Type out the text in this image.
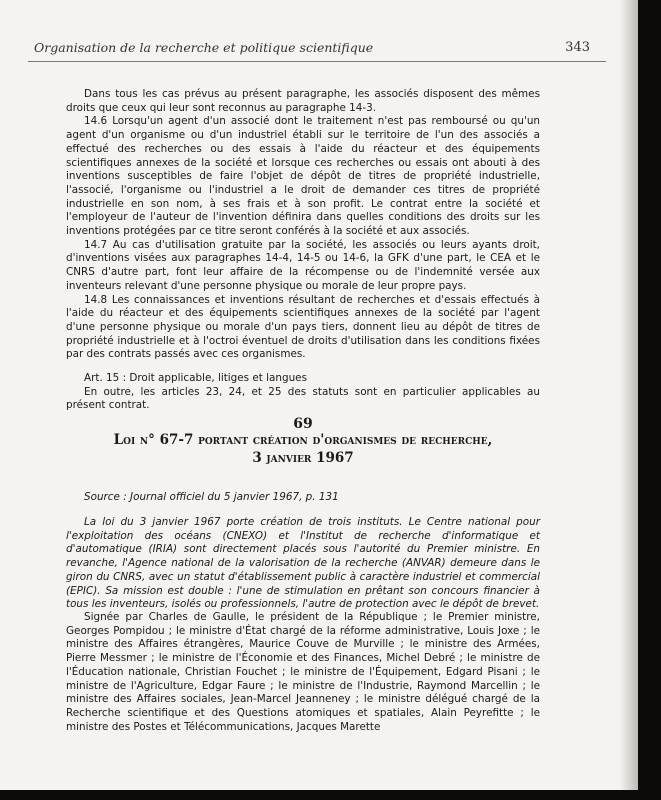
Organisation de la recherche et politique scientifique	343

Dans tous les cas prévus au présent paragraphe, les associés disposent des mêmes droits que ceux qui leur sont reconnus au paragraphe 14-3.

14.6 Lorsqu'un agent d'un associé dont le traitement n'est pas remboursé ou qu'un agent d'un organisme ou d'un industriel établi sur le territoire de l'un des associés a effectué des recherches ou des essais à l'aide du réacteur et des équipements scientifiques annexes de la société et lorsque ces recherches ou essais ont abouti à des inventions susceptibles de faire l'objet de dépôt de titres de propriété industrielle, l'associé, l'organisme ou l'industriel a le droit de demander ces titres de propriété industrielle en son nom, à ses frais et à son profit. Le contrat entre la société et l'employeur de l'auteur de l'invention définira dans quelles conditions des droits sur les inventions protégées par ce titre seront conférés à la société et aux associés.

14.7 Au cas d'utilisation gratuite par la société, les associés ou leurs ayants droit, d'inventions visées aux paragraphes 14-4, 14-5 ou 14-6, la GFK d'une part, le CEA et le CNRS d'autre part, font leur affaire de la récompense ou de l'indemnité versée aux inventeurs relevant d'une personne physique ou morale de leur propre pays.

14.8 Les connaissances et inventions résultant de recherches et d'essais effectués à l'aide du réacteur et des équipements scientifiques annexes de la société par l'agent d'une personne physique ou morale d'un pays tiers, donnent lieu au dépôt de titres de propriété industrielle et à l'octroi éventuel de droits d'utilisation dans les conditions fixées par des contrats passés avec ces organismes.

Art. 15 : Droit applicable, litiges et langues

En outre, les articles 23, 24, et 25 des statuts sont en particulier applicables au présent contrat.

69
Loi n° 67-7 portant création d'organismes de recherche,
3 janvier 1967

Source : Journal officiel du 5 janvier 1967, p. 131

La loi du 3 janvier 1967 porte création de trois instituts. Le Centre national pour l'exploitation des océans (CNEXO) et l'Institut de recherche d'informatique et d'automatique (IRIA) sont directement placés sous l'autorité du Premier ministre. En revanche, l'Agence national de la valorisation de la recherche (ANVAR) demeure dans le giron du CNRS, avec un statut d'établissement public à caractère industriel et commercial (EPIC). Sa mission est double : l'une de stimulation en prêtant son concours financier à tous les inventeurs, isolés ou professionnels, l'autre de protection avec le dépôt de brevet.

Signée par Charles de Gaulle, le président de la République ; le Premier ministre, Georges Pompidou ; le ministre d'État chargé de la réforme administrative, Louis Joxe ; le ministre des Affaires étrangères, Maurice Couve de Murville ; le ministre des Armées, Pierre Messmer ; le ministre de l'Économie et des Finances, Michel Debré ; le ministre de l'Éducation nationale, Christian Fouchet ; le ministre de l'Équipement, Edgard Pisani ; le ministre de l'Agriculture, Edgar Faure ; le ministre de l'Industrie, Raymond Marcellin ; le ministre des Affaires sociales, Jean-Marcel Jeanneney ; le ministre délégué chargé de la Recherche scientifique et des Questions atomiques et spatiales, Alain Peyrefitte ; le ministre des Postes et Télécommunications, Jacques Marette
